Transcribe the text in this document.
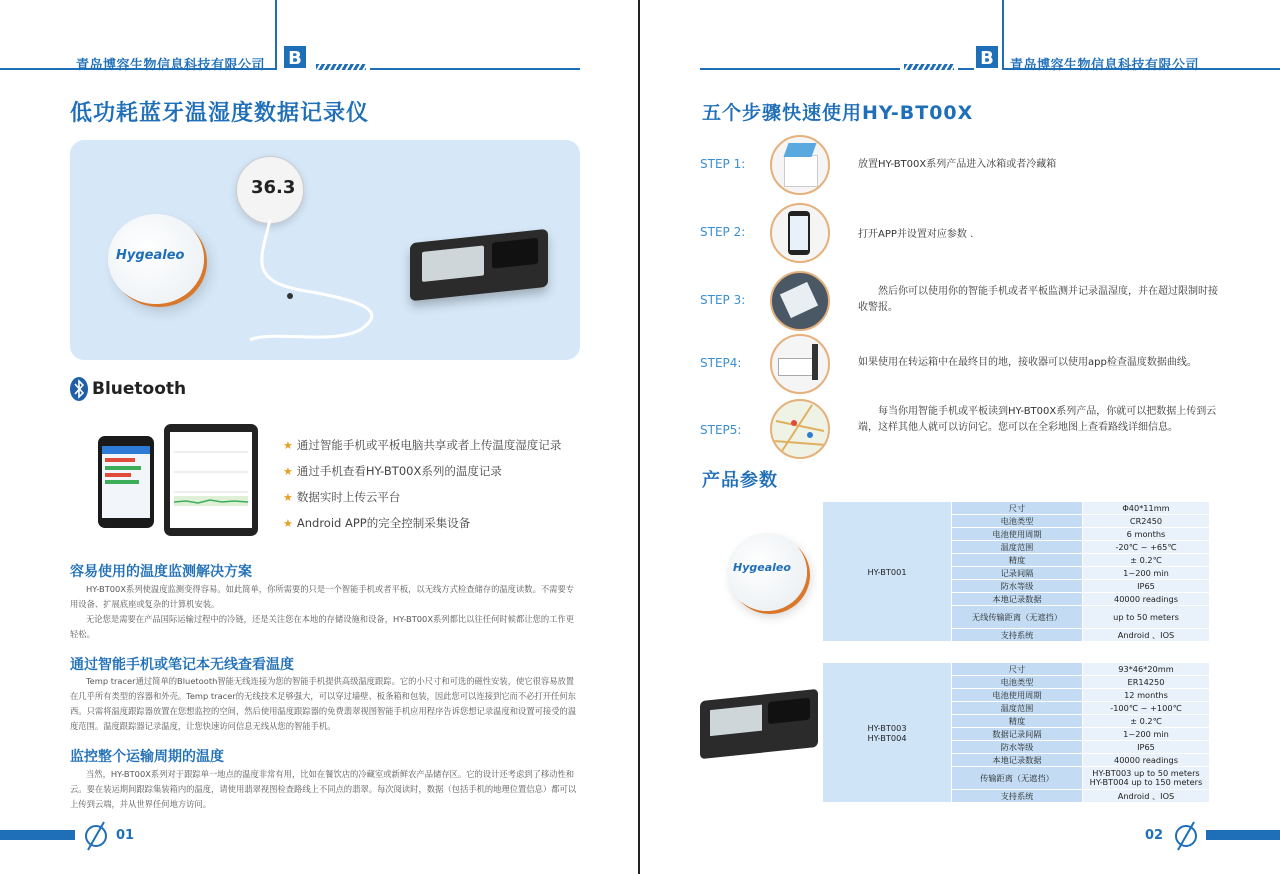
青岛博容生物信息科技有限公司 B
低功耗蓝牙温湿度数据记录仪
Hygealeo
36.3
Bluetooth
★ 通过智能手机或平板电脑共享或者上传温度湿度记录
★ 通过手机查看HY-BT00X系列的温度记录
★ 数据实时上传云平台
★ Android APP的完全控制采集设备
容易使用的温度监测解决方案

HY-BT00X系列使温度监测变得容易。如此简单，你所需要的只是一个智能手机或者平板，以无线方式检查储存的温度读数。不需要专用设备、扩展底座或复杂的计算机安装。

无论您是需要在产品国际运输过程中的冷链，还是关注您在本地的存储设施和设备，HY-BT00X系列都比以往任何时候都让您的工作更轻松。

通过智能手机或笔记本无线查看温度

Temp tracer通过简单的Bluetooth智能无线连接为您的智能手机提供高级温度跟踪。它的小尺寸和可选的磁性安装，使它很容易放置在几乎所有类型的容器和外壳。Temp tracer的无线技术足够强大，可以穿过墙壁、板条箱和包装，因此您可以连接到它而不必打开任何东西。只需将温度跟踪器放置在您想监控的空间，然后使用温度跟踪器的免费翡翠视图智能手机应用程序告诉您想记录温度和设置可接受的温度范围。温度跟踪器记录温度，让您快速访问信息无线从您的智能手机。

监控整个运输周期的温度

当然，HY-BT00X系列对于跟踪单一地点的温度非常有用，比如在餐饮店的冷藏室或新鲜农产品储存区。它的设计还考虑到了移动性和云。要在装运期间跟踪集装箱内的温度，请使用翡翠视图检查路线上不同点的翡翠。每次阅读时，数据（包括手机的地理位置信息）都可以上传到云端，并从世界任何地方访问。

01
B 青岛博容生物信息科技有限公司
五个步骤快速使用HY-BT00X
STEP 1:	放置HY-BT00X系列产品进入冰箱或者冷藏箱
STEP 2:	打开APP并设置对应参数 .
STEP 3:
然后你可以使用你的智能手机或者平板监测并记录温湿度，并在超过限制时接收警报。
STEP4:	如果使用在转运箱中在最终目的地，接收器可以使用app检查温度数据曲线。
STEP5:
每当你用智能手机或平板读到HY-BT00X系列产品，你就可以把数据上传到云端，这样其他人就可以访问它。您可以在全彩地图上查看路线详细信息。
产品参数
Hygealeo	HY-BT001	尺寸	Φ40*11mm
	电池类型	CR2450
	电池使用周期	6 months
	温度范围	-20℃ ~ +65℃
	精度	± 0.2℃
	记录间隔	1~200 min
	防水等级	IP65
	本地记录数据	40000 readings
	无线传输距离（无遮挡）	up to 50 meters
	支持系统	Android 、IOS
HY-BT003
HY-BT004	尺寸	93*46*20mm
	电池类型	ER14250
	电池使用周期	12 months
	温度范围	-100℃ ~ +100℃
	精度	± 0.2℃
	数据记录间隔	1~200 min
	防水等级	IP65
	本地记录数据	40000 readings
	传输距离（无遮挡）	HY-BT003 up to 50 meters
HY-BT004 up to 150 meters
	支持系统	Android 、IOS
02
